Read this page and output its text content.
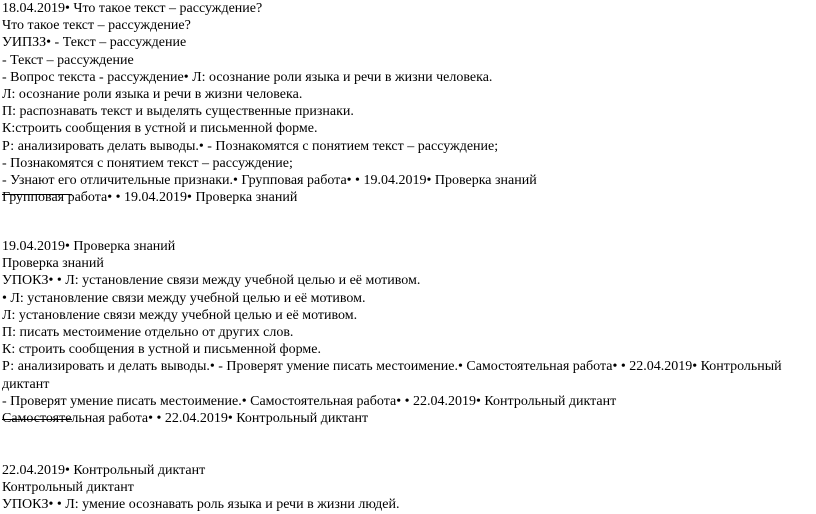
18.04.2019• Что такое текст – рассуждение?
Что такое текст – рассуждение?
УИПЗЗ• - Текст – рассуждение
- Текст – рассуждение
- Вопрос текста - рассуждение• Л: осознание роли языка и речи в жизни человека.
Л: осознание роли языка и речи в жизни человека.
П: распознавать текст и выделять существенные признаки.
К:строить сообщения в устной и письменной форме.
Р: анализировать делать выводы.• - Познакомятся с понятием текст – рассуждение;
- Познакомятся с понятием текст – рассуждение;
- Узнают его отличительные признаки.• Групповая работа• • 19.04.2019• Проверка знаний
Групповая работа• • 19.04.2019• Проверка знаний
19.04.2019• Проверка знаний
Проверка знаний
УПОКЗ• • Л: установление связи между учебной целью и её мотивом.
• Л: установление связи между учебной целью и её мотивом.
Л: установление связи между учебной целью и её мотивом.
П: писать местоимение отдельно от других слов.
К: строить сообщения в устной и письменной форме.
Р: анализировать и делать выводы.• - Проверят умение писать местоимение.• Самостоятельная работа• • 22.04.2019• Контрольный диктант
- Проверят умение писать местоимение.• Самостоятельная работа• • 22.04.2019• Контрольный диктант
Самостоятельная работа• • 22.04.2019• Контрольный диктант
22.04.2019• Контрольный диктант
Контрольный диктант
УПОКЗ• • Л: умение осознавать роль языка и речи в жизни людей.
